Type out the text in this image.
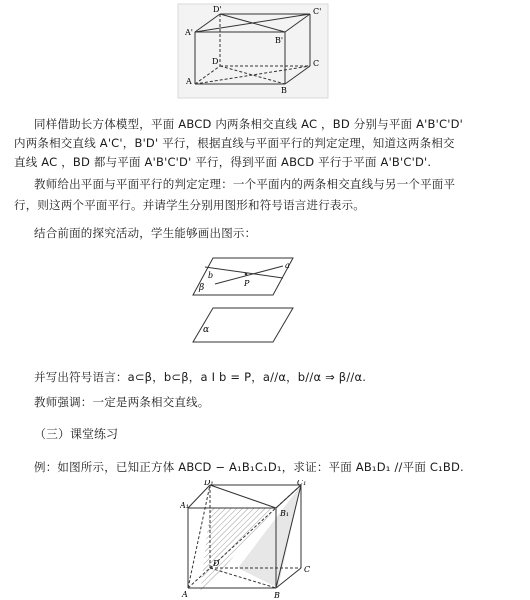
D'	C'
A'
B'
D	C
A
B
同样借助长方体模型，平面 ABCD 内两条相交直线 AC ，BD 分别与平面 A'B'C'D'
内两条相交直线 A'C'，B'D' 平行，根据直线与平面平行的判定定理，知道这两条相交
直线 AC ，BD 都与平面 A'B'C'D' 平行，得到平面 ABCD 平行于平面 A'B'C'D'.
教师给出平面与平面平行的判定定理：一个平面内的两条相交直线与另一个平面平
行，则这两个平面平行。并请学生分别用图形和符号语言进行表示。
结合前面的探究活动，学生能够画出图示：
a
b
β	P
α
并写出符号语言：a⊂β，b⊂β，a I b = P，a//α，b//α ⇒ β//α.
教师强调：一定是两条相交直线。
（三）课堂练习
例：如图所示，已知正方体 ABCD − A₁B₁C₁D₁，求证：平面 AB₁D₁ //平面 C₁BD.
D₁	C₁
A₁
B₁
D
C
A	B
